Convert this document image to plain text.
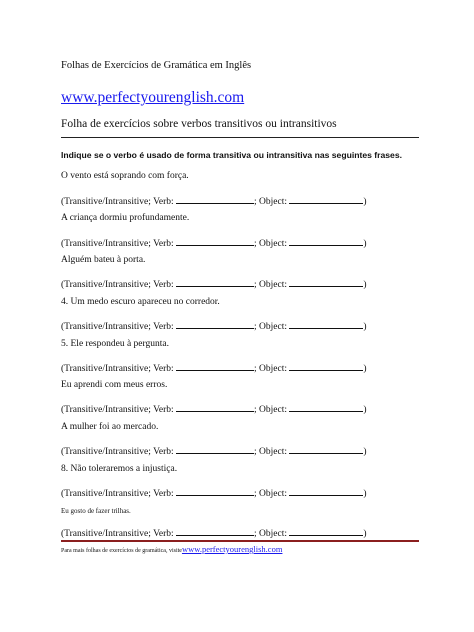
Folhas de Exercícios de Gramática em Inglês
www.perfectyourenglish.com
Folha de exercícios sobre verbos transitivos ou intransitivos
Indique se o verbo é usado de forma transitiva ou intransitiva nas seguintes frases.
O vento está soprando com força.
(Transitive/Intransitive; Verb:	; Object:	)
A criança dormiu profundamente.
(Transitive/Intransitive; Verb:	; Object:	)
Alguém bateu à porta.
(Transitive/Intransitive; Verb:	; Object:	)
4. Um medo escuro apareceu no corredor.
(Transitive/Intransitive; Verb:	; Object:	)
5. Ele respondeu à pergunta.
(Transitive/Intransitive; Verb:	; Object:	)
Eu aprendi com meus erros.
(Transitive/Intransitive; Verb:	; Object:	)
A mulher foi ao mercado.
(Transitive/Intransitive; Verb:	; Object:	)
8. Não toleraremos a injustiça.
(Transitive/Intransitive; Verb:	; Object:	)
Eu gosto de fazer trilhas.
(Transitive/Intransitive; Verb:	; Object:	)
Para mais folhas de exercícios de gramática, visitewww.perfectyourenglish.com
